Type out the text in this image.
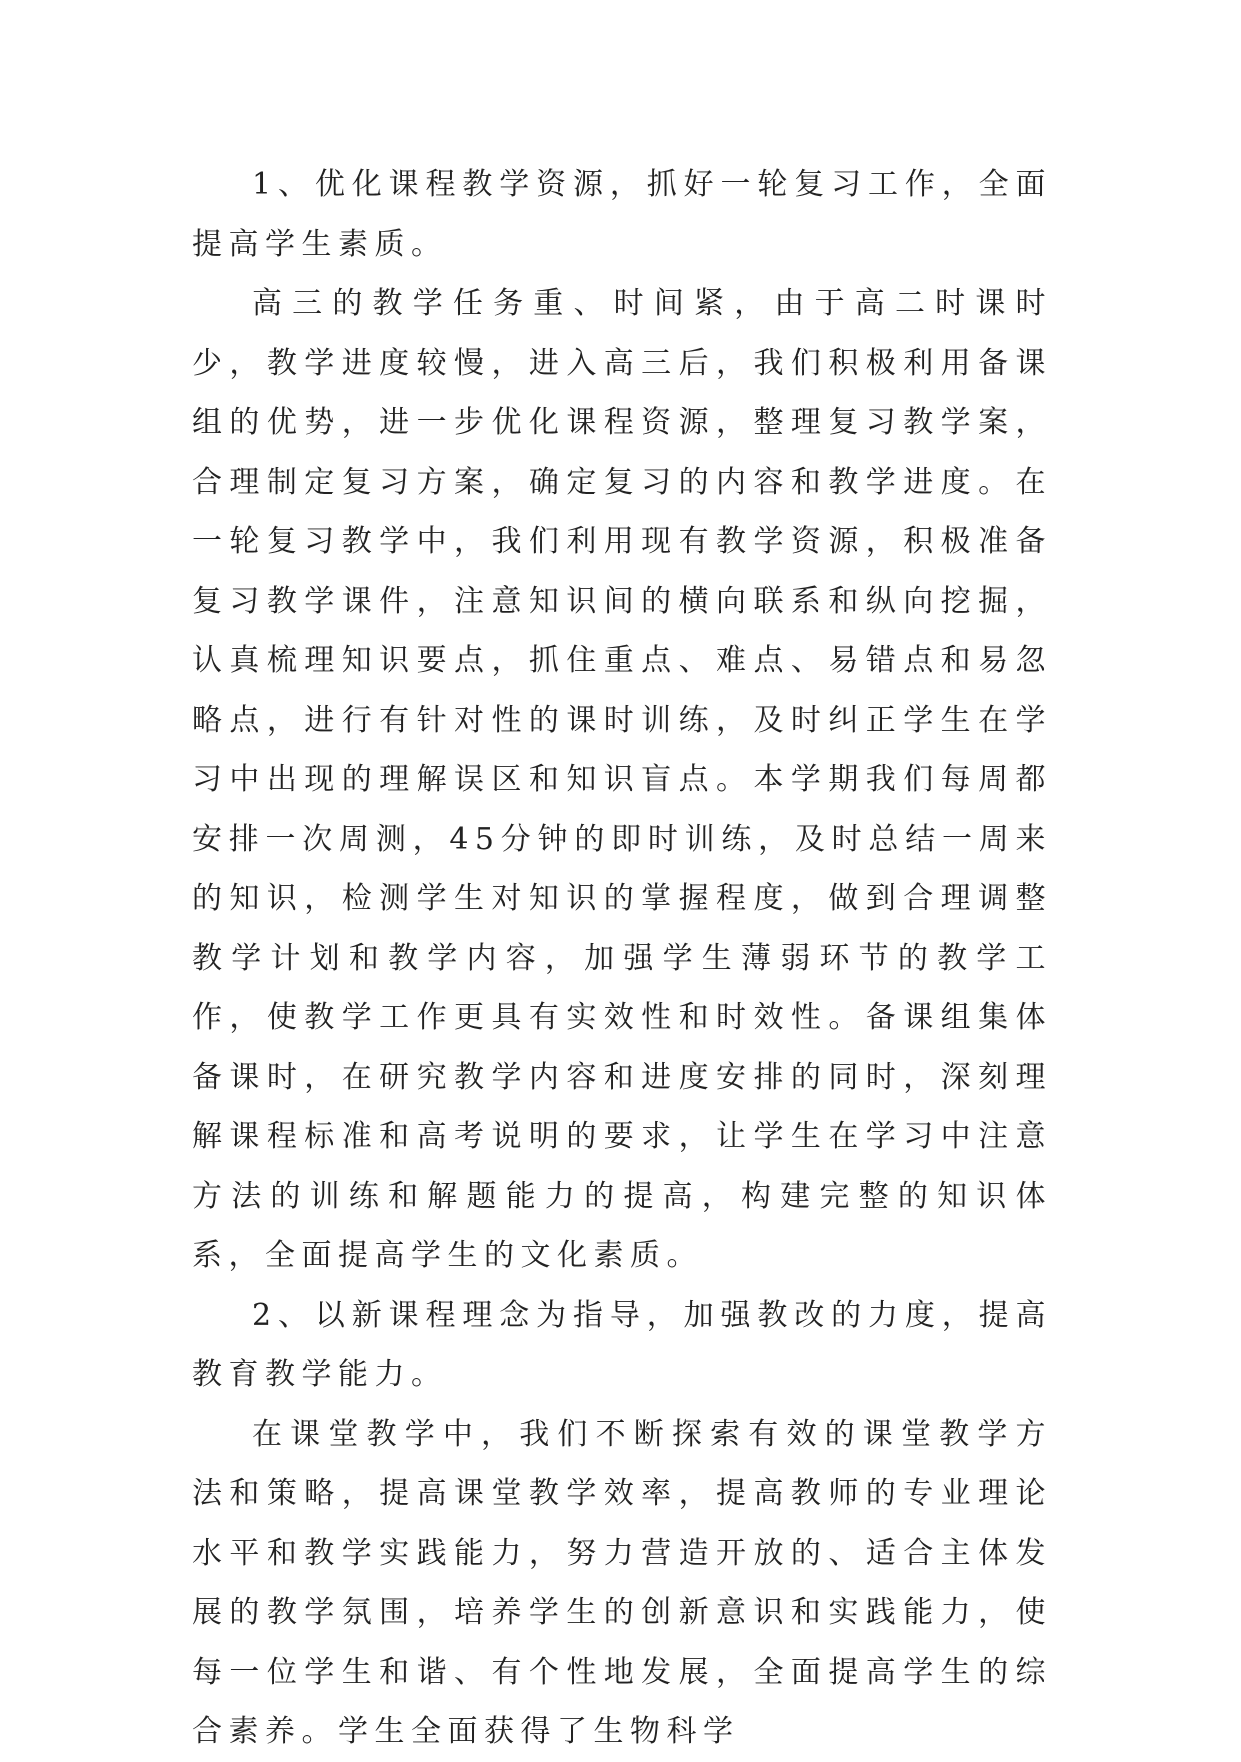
1、优化课程教学资源，抓好一轮复习工作，全面提高学生素质。

高三的教学任务重、时间紧，由于高二时课时少，教学进度较慢，进入高三后，我们积极利用备课组的优势，进一步优化课程资源，整理复习教学案，合理制定复习方案，确定复习的内容和教学进度。在一轮复习教学中，我们利用现有教学资源，积极准备复习教学课件，注意知识间的横向联系和纵向挖掘，认真梳理知识要点，抓住重点、难点、易错点和易忽略点，进行有针对性的课时训练，及时纠正学生在学习中出现的理解误区和知识盲点。本学期我们每周都安排一次周测，45分钟的即时训练，及时总结一周来的知识，检测学生对知识的掌握程度，做到合理调整教学计划和教学内容，加强学生薄弱环节的教学工作，使教学工作更具有实效性和时效性。备课组集体备课时，在研究教学内容和进度安排的同时，深刻理解课程标准和高考说明的要求，让学生在学习中注意方法的训练和解题能力的提高，构建完整的知识体系，全面提高学生的文化素质。

2、以新课程理念为指导，加强教改的力度，提高教育教学能力。

在课堂教学中，我们不断探索有效的课堂教学方法和策略，提高课堂教学效率，提高教师的专业理论水平和教学实践能力，努力营造开放的、适合主体发展的教学氛围，培养学生的创新意识和实践能力，使每一位学生和谐、有个性地发展，全面提高学生的综合素养。学生全面获得了生物科学
